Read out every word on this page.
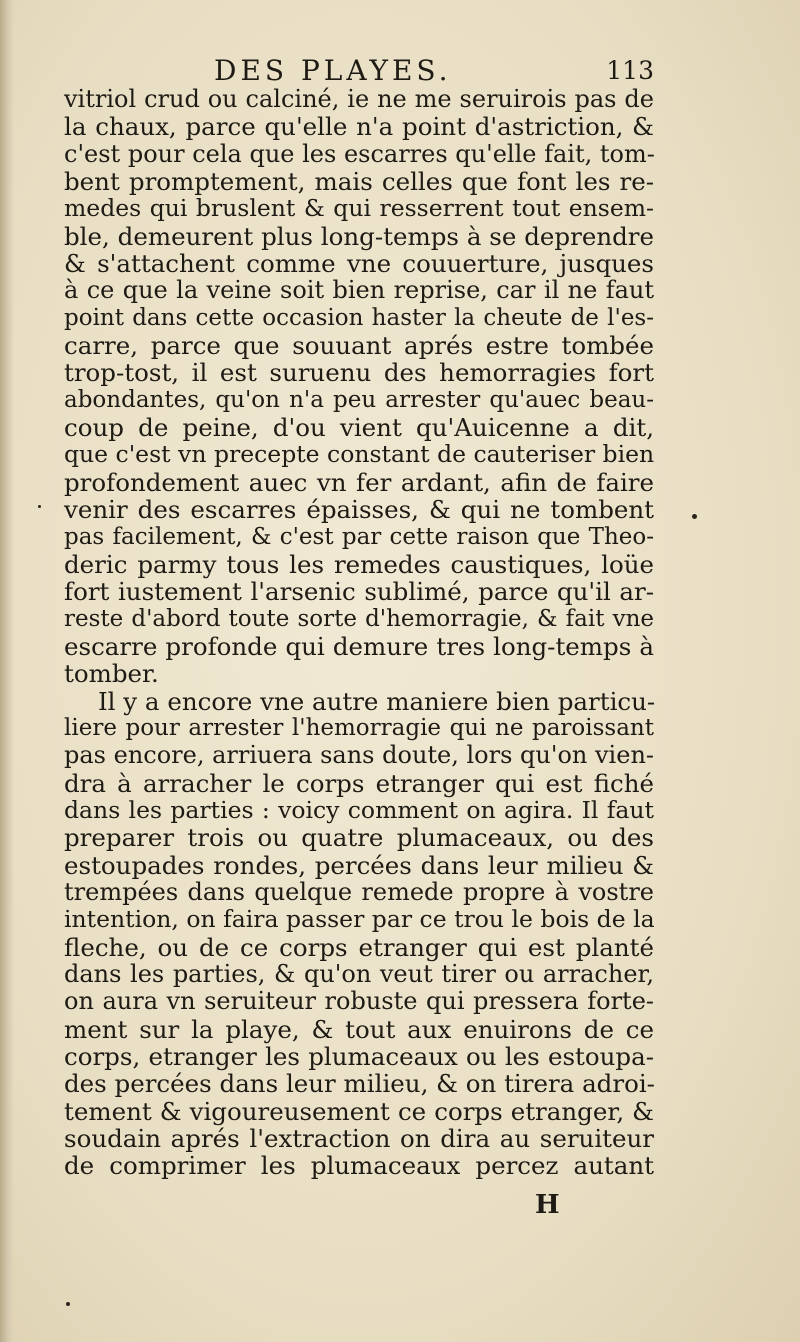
DES PLAYES.	113
vitriol crud ou calciné, ie ne me seruirois pas de
la chaux, parce qu'elle n'a point d'astriction, &
c'est pour cela que les escarres qu'elle fait, tom-
bent promptement, mais celles que font les re-
medes qui bruslent & qui resserrent tout ensem-
ble, demeurent plus long-temps à se deprendre
& s'attachent comme vne couuerture, jusques
à ce que la veine soit bien reprise, car il ne faut
point dans cette occasion haster la cheute de l'es-
carre, parce que souuant aprés estre tombée
trop-tost, il est suruenu des hemorragies fort
abondantes, qu'on n'a peu arrester qu'auec beau-
coup de peine, d'ou vient qu'Auicenne a dit,
que c'est vn precepte constant de cauteriser bien
profondement auec vn fer ardant, afin de faire
venir des escarres épaisses, & qui ne tombent
pas facilement, & c'est par cette raison que Theo-
deric parmy tous les remedes caustiques, loüe
fort iustement l'arsenic sublimé, parce qu'il ar-
reste d'abord toute sorte d'hemorragie, & fait vne
escarre profonde qui demure tres long-temps à
tomber.
Il y a encore vne autre maniere bien particu-
liere pour arrester l'hemorragie qui ne paroissant
pas encore, arriuera sans doute, lors qu'on vien-
dra à arracher le corps etranger qui est fiché
dans les parties : voicy comment on agira. Il faut
preparer trois ou quatre plumaceaux, ou des
estoupades rondes, percées dans leur milieu &
trempées dans quelque remede propre à vostre
intention, on faira passer par ce trou le bois de la
fleche, ou de ce corps etranger qui est planté
dans les parties, & qu'on veut tirer ou arracher,
on aura vn seruiteur robuste qui pressera forte-
ment sur la playe, & tout aux enuirons de ce
corps, etranger les plumaceaux ou les estoupa-
des percées dans leur milieu, & on tirera adroi-
tement & vigoureusement ce corps etranger, &
soudain aprés l'extraction on dira au seruiteur
de comprimer les plumaceaux percez autant
H
